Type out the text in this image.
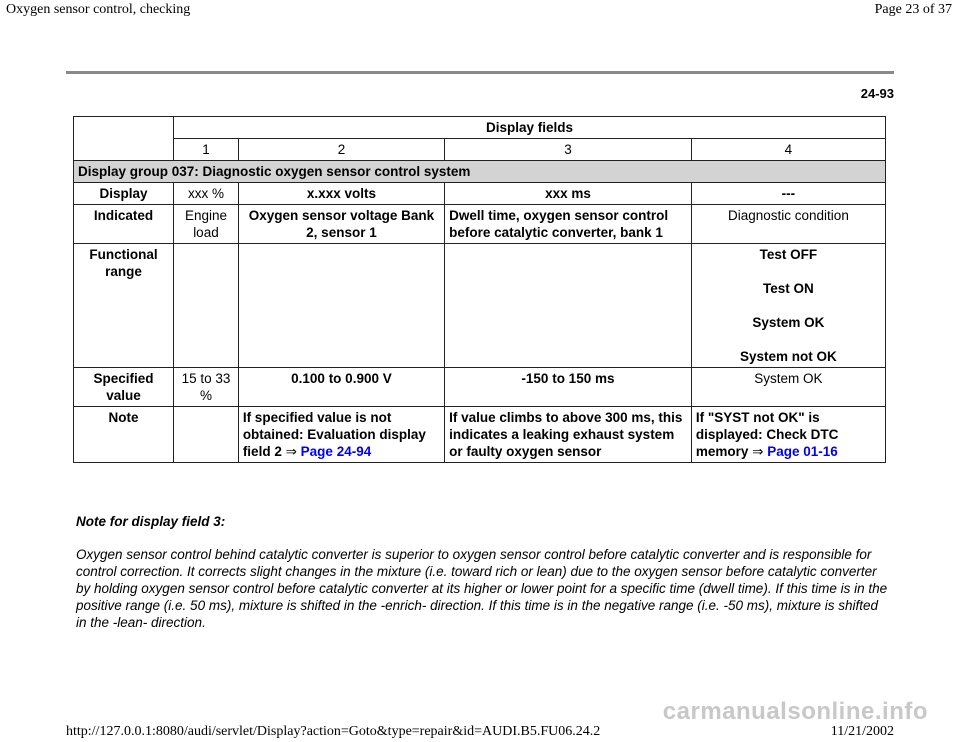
Oxygen sensor control, checking	Page 23 of 37
24-93
	Display fields			
	1	2	3	4
Display group 037: Diagnostic oxygen sensor control system				
Display	xxx %	x.xxx volts	xxx ms	---
Indicated	Engine load	Oxygen sensor voltage Bank 2, sensor 1	Dwell time, oxygen sensor control before catalytic converter, bank 1	Diagnostic condition
Functional range				Test OFF
Test ON
System OK
System not OK

Specified value	15 to 33 %	0.100 to 0.900 V	-150 to 150 ms	System OK
Note		If specified value is not obtained: Evaluation display field 2 ⇒ Page 24-94	If value climbs to above 300 ms, this indicates a leaking exhaust system or faulty oxygen sensor	If "SYST not OK" is displayed: Check DTC memory ⇒ Page 01-16
Note for display field 3:
Oxygen sensor control behind catalytic converter is superior to oxygen sensor control before catalytic converter and is responsible for control correction. It corrects slight changes in the mixture (i.e. toward rich or lean) due to the oxygen sensor before catalytic converter by holding oxygen sensor control before catalytic converter at its higher or lower point for a specific time (dwell time). If this time is in the positive range (i.e. 50 ms), mixture is shifted in the -enrich- direction. If this time is in the negative range (i.e. -50 ms), mixture is shifted in the -lean- direction.
carmanualsonline.info
http://127.0.0.1:8080/audi/servlet/Display?action=Goto&type=repair&id=AUDI.B5.FU06.24.2	11/21/2002
